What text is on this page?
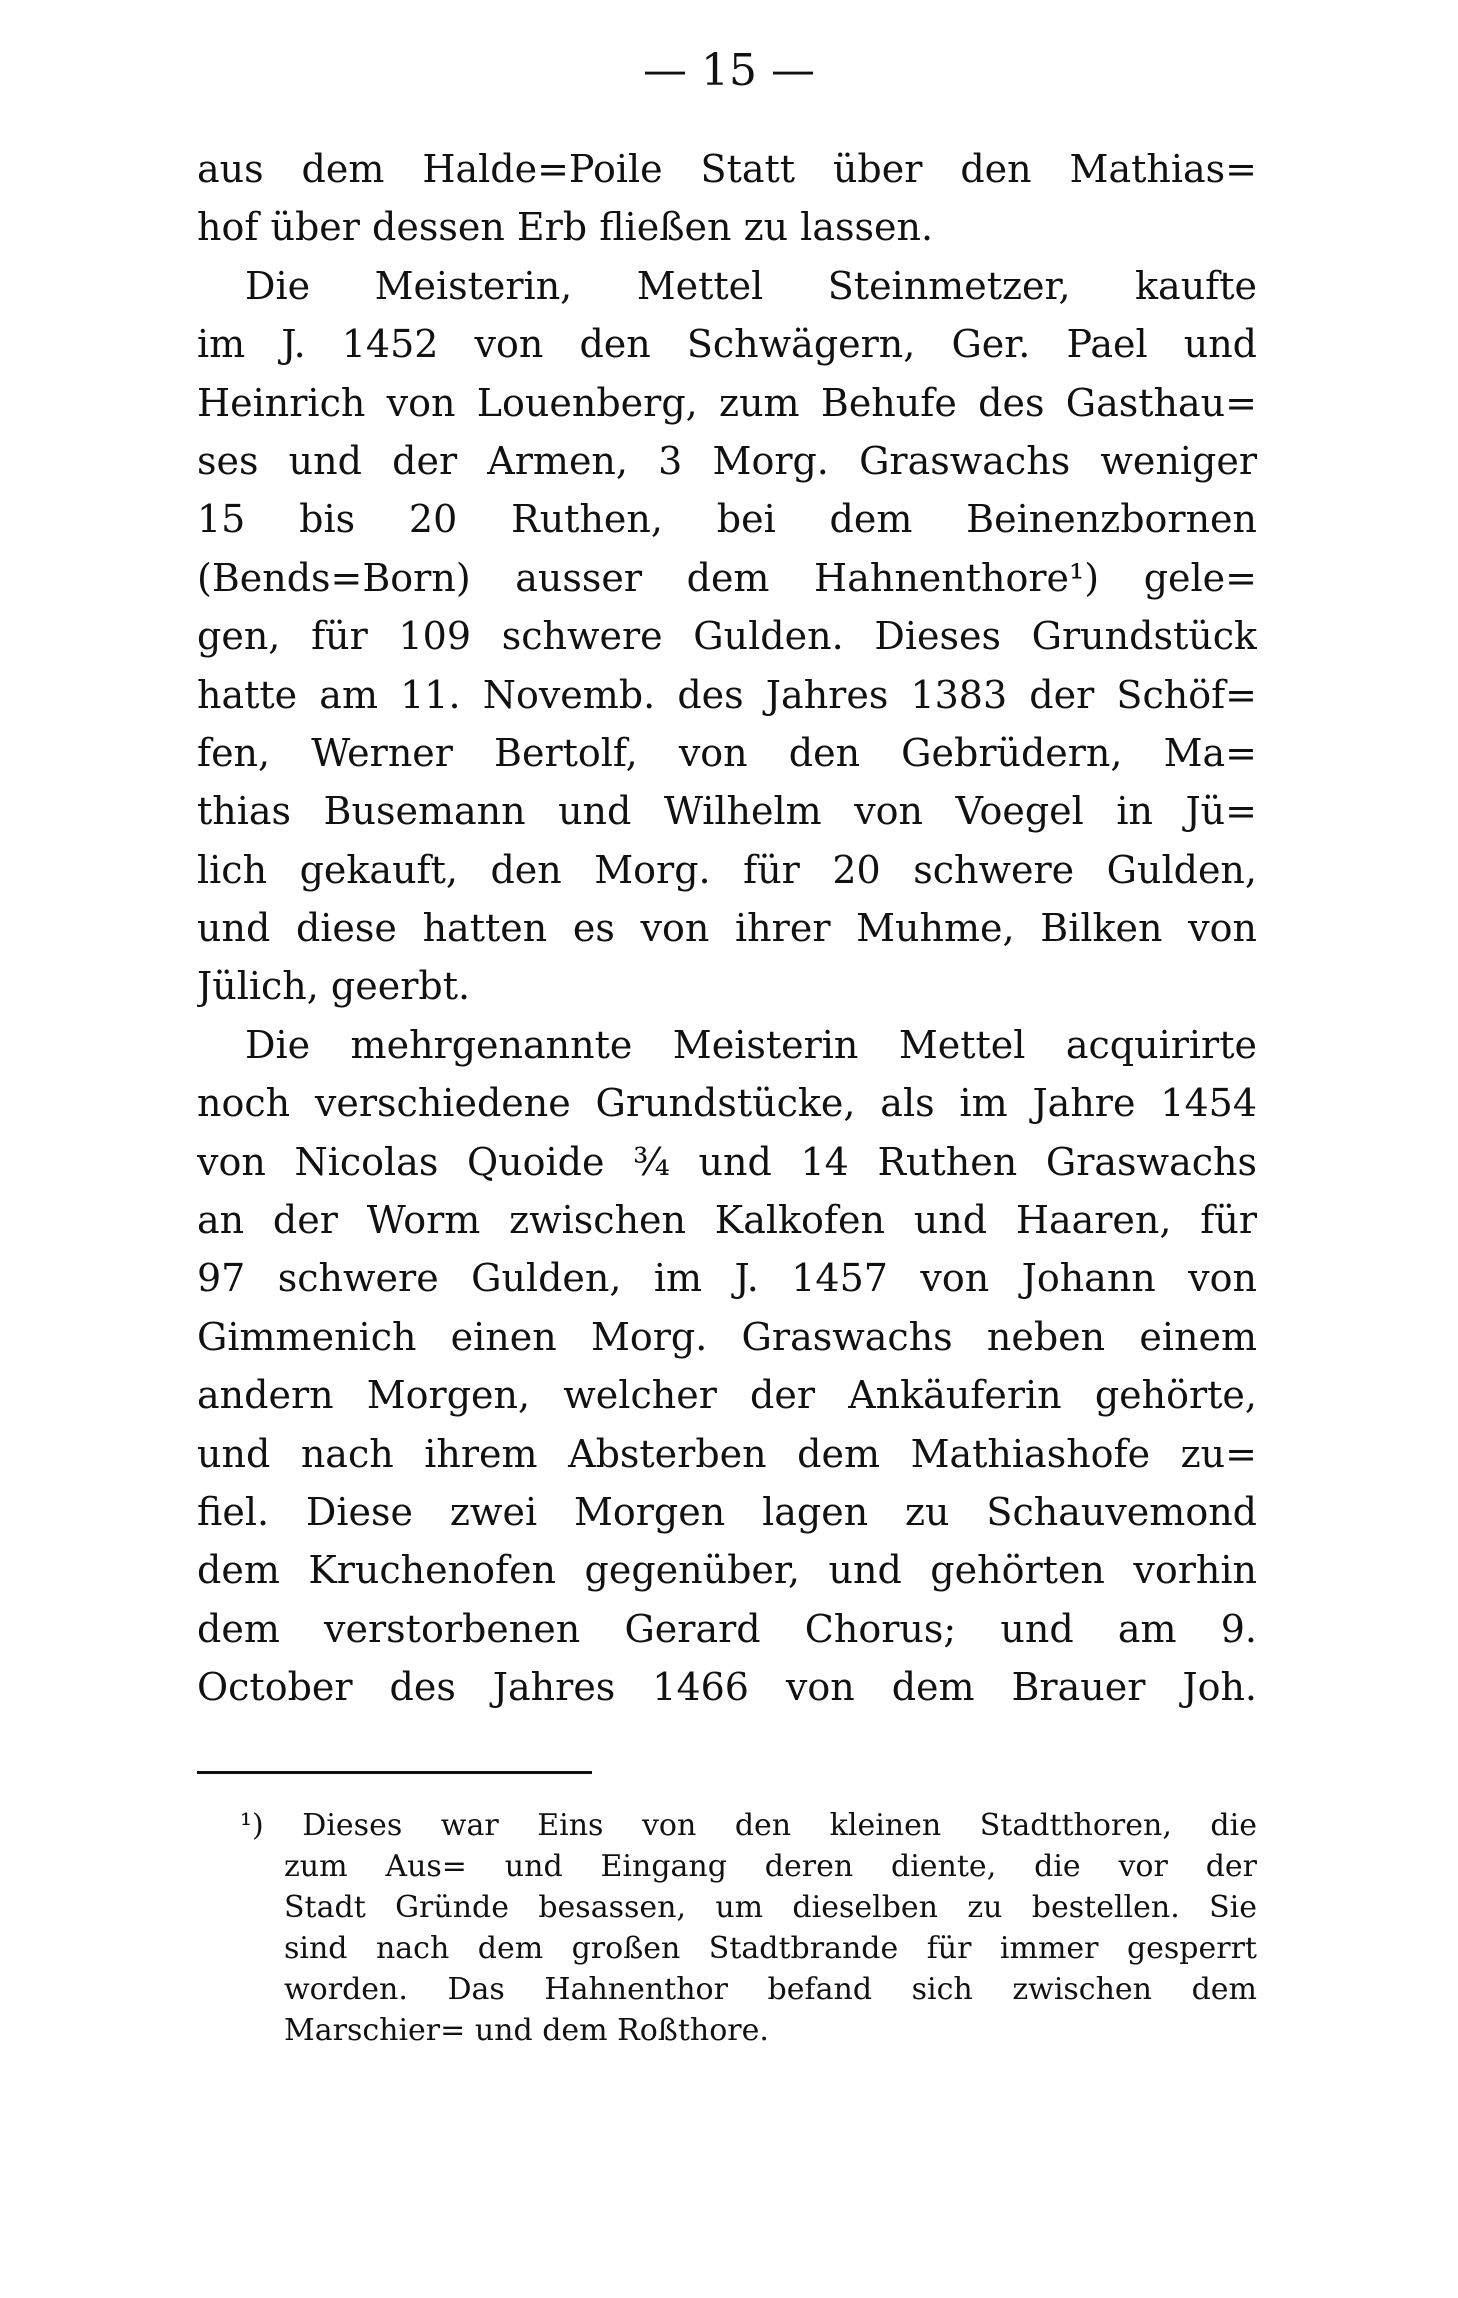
— 15 —
aus dem Halde=Poile Statt über den Mathias=
hof über dessen Erb fließen zu lassen.
Die Meisterin, Mettel Steinmetzer, kaufte
im J. 1452 von den Schwägern, Ger. Pael und
Heinrich von Louenberg, zum Behufe des Gasthau=
ses und der Armen, 3 Morg. Graswachs weniger
15 bis 20 Ruthen, bei dem Beinenzbornen
(Bends=Born) ausser dem Hahnenthore¹) gele=
gen, für 109 schwere Gulden. Dieses Grundstück
hatte am 11. Novemb. des Jahres 1383 der Schöf=
fen, Werner Bertolf, von den Gebrüdern, Ma=
thias Busemann und Wilhelm von Voegel in Jü=
lich gekauft, den Morg. für 20 schwere Gulden,
und diese hatten es von ihrer Muhme, Bilken von
Jülich, geerbt.
Die mehrgenannte Meisterin Mettel acquirirte
noch verschiedene Grundstücke, als im Jahre 1454
von Nicolas Quoide ¾ und 14 Ruthen Graswachs
an der Worm zwischen Kalkofen und Haaren, für
97 schwere Gulden, im J. 1457 von Johann von
Gimmenich einen Morg. Graswachs neben einem
andern Morgen, welcher der Ankäuferin gehörte,
und nach ihrem Absterben dem Mathiashofe zu=
fiel. Diese zwei Morgen lagen zu Schauvemond
dem Kruchenofen gegenüber, und gehörten vorhin
dem verstorbenen Gerard Chorus; und am 9.
October des Jahres 1466 von dem Brauer Joh.
¹) Dieses war Eins von den kleinen Stadtthoren, die
zum Aus= und Eingang deren diente, die vor der
Stadt Gründe besassen, um dieselben zu bestellen. Sie
sind nach dem großen Stadtbrande für immer gesperrt
worden. Das Hahnenthor befand sich zwischen dem
Marschier= und dem Roßthore.
